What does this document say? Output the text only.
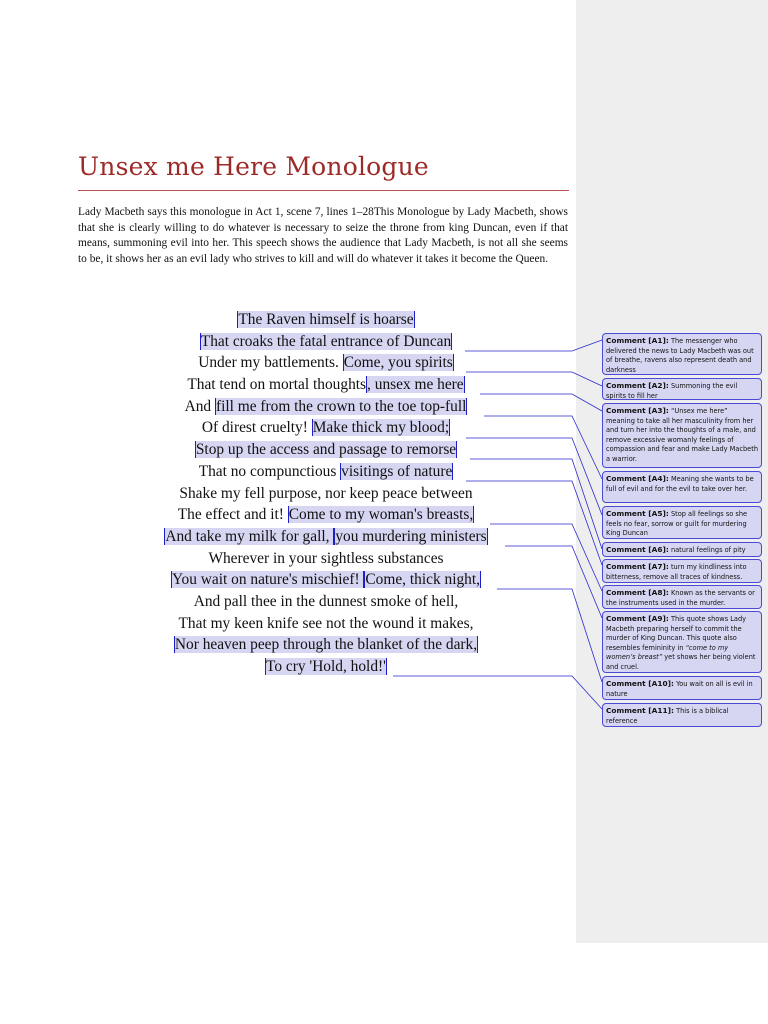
Unsex me Here Monologue
Lady Macbeth says this monologue in Act 1, scene 7, lines 1–28This Monologue by Lady Macbeth, shows that she is clearly willing to do whatever is necessary to seize the throne from king Duncan, even if that means, summoning evil into her. This speech shows the audience that Lady Macbeth, is not all she seems to be, it shows her as an evil lady who strives to kill and will do whatever it takes it become the Queen.
The Raven himself is hoarse
That croaks the fatal entrance of Duncan
Under my battlements. Come, you spirits
That tend on mortal thoughts, unsex me here
And fill me from the crown to the toe top-full
Of direst cruelty! Make thick my blood;
Stop up the access and passage to remorse
That no compunctious visitings of nature
Shake my fell purpose, nor keep peace between
The effect and it! Come to my woman's breasts,
And take my milk for gall, you murdering ministers
Wherever in your sightless substances
You wait on nature's mischief! Come, thick night,
And pall thee in the dunnest smoke of hell,
That my keen knife see not the wound it makes,
Nor heaven peep through the blanket of the dark,
To cry 'Hold, hold!'
Comment [A1]: The messenger who delivered the news to Lady Macbeth was out of breathe, ravens also represent death and darkness
Comment [A2]: Summoning the evil spirits to fill her
Comment [A3]: “Unsex me here” meaning to take all her masculinity from her and turn her into the thoughts of a male, and remove excessive womanly feelings of compassion and fear and make Lady Macbeth a warrior.
Comment [A4]: Meaning she wants to be full of evil and for the evil to take over her.
Comment [A5]: Stop all feelings so she feels no fear, sorrow or guilt for murdering King Duncan
Comment [A6]: natural feelings of pity
Comment [A7]: turn my kindliness into bitterness, remove all traces of kindness.
Comment [A8]: Known as the servants or the instruments used in the murder.
Comment [A9]: This quote shows Lady Macbeth preparing herself to commit the murder of King Duncan. This quote also resembles femininity in “come to my women’s breast” yet shows her being violent and cruel.
Comment [A10]: You wait on all is evil in nature
Comment [A11]: This is a biblical reference
